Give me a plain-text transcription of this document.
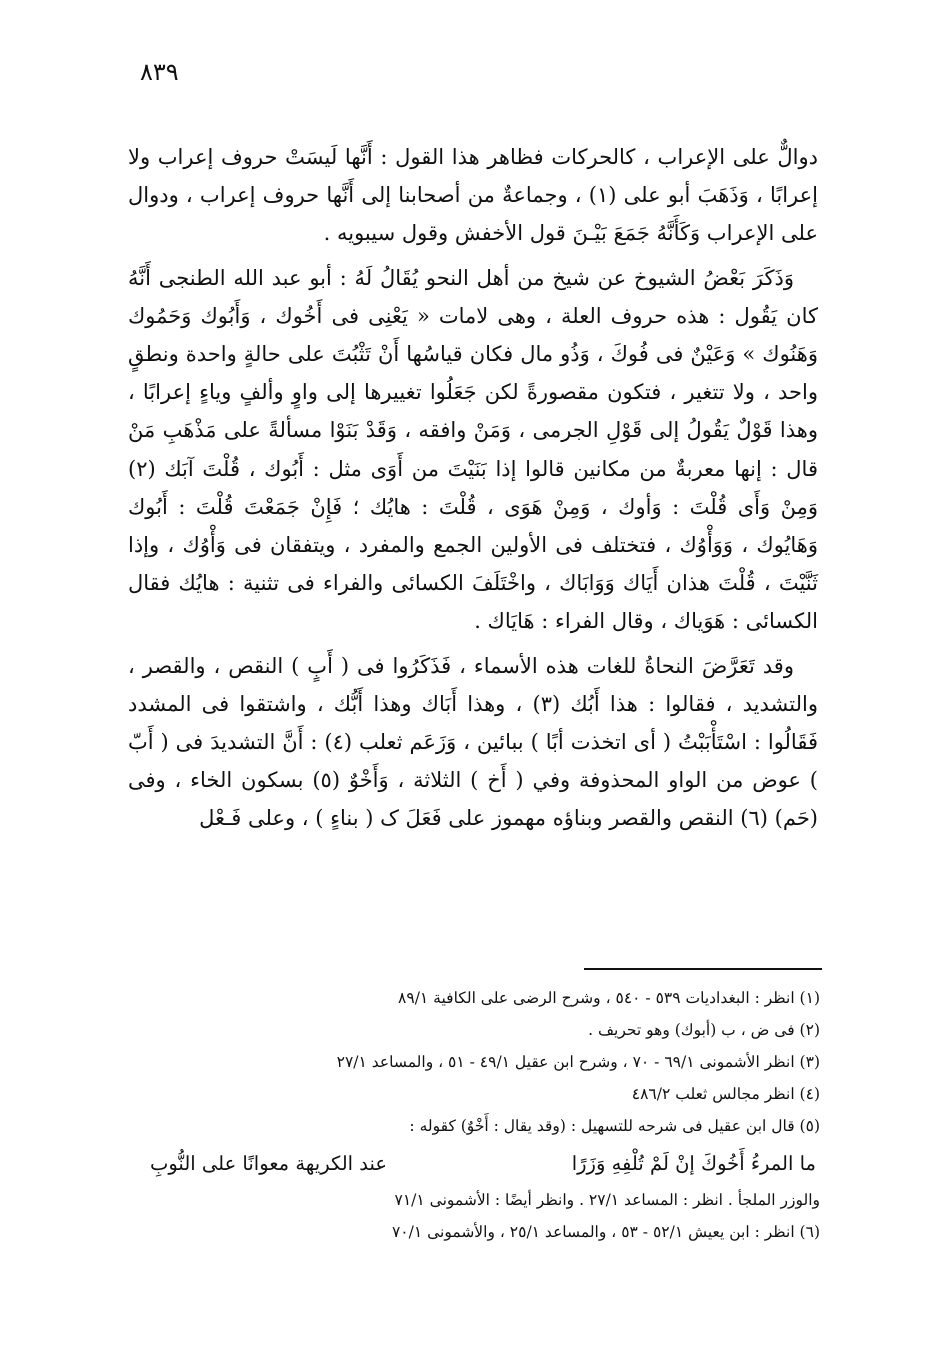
٨٣٩

دوالٌّ على الإعراب ، كالحركات فظاهر هذا القول : أَنَّها لَيسَتْ حروف إعراب ولا إعرابًا ، وَذَهَبَ أبو على (١) ، وجماعةٌ من أصحابنا إلى أَنَّها حروف إعراب ، ودوال على الإعراب وَكَأَنَّهُ جَمَعَ بَيْـنَ قول الأخفش وقول سيبويه .

وَذَكَرَ بَعْضُ الشيوخ عن شيخ من أهل النحو يُقَالُ لَهُ : أبو عبد الله الطنجى أَنَّهُ كان يَقُول : هذه حروف العلة ، وهى لامات « يَعْنِى فى أَخُوك ، وَأَبُوك وَحَمُوك وَهَنُوك » وَعَيْنٌ فى فُوكَ ، وَذُو مال فكان قياسُها أَنْ تَثْبُتَ على حالةٍ واحدة ونطقٍ واحد ، ولا تتغير ، فتكون مقصورةً لكن جَعَلُوا تغييرها إلى واوٍ وألفٍ وياءٍ إعرابًا ، وهذا قَوْلٌ يَقُولُ إلى قَوْلِ الجرمى ، وَمَنْ وافقه ، وَقَدْ بَنَوْا مسألةً على مَذْهَبِ مَنْ قال : إنها معربةٌ من مكانين قالوا إذا بَنَيْتَ من أَوَى مثل : أَبُوك ، قُلْتَ آبَك (٢) وَمِنْ وَأَى قُلْتَ : وَأوك ، وَمِنْ هَوَى ، قُلْتَ : هايُك ؛ فَإِنْ جَمَعْتَ قُلْتَ : أَبُوك وَهَايُوك ، وَوَأْوُك ، فتختلف فى الأولين الجمع والمفرد ، ويتفقان فى وَأْوُك ، وإذا ثَنَّيْتَ ، قُلْتَ هذان أَيَاك وَوَابَاك ، واخْتَلَفَ الكسائى والفراء فى تثنية : هايُك فقال الكسائى : هَوَياك ، وقال الفراء : هَايَاك .

وقد تَعَرَّضَ النحاةُ للغات هذه الأسماء ، فَذَكَرُوا فى ( أَبٍ ) النقص ، والقصر ، والتشديد ، فقالوا : هذا أَبُك (٣) ، وهذا أَبَاك وهذا أَبُّك ، واشتقوا فى المشدد فَقَالُوا : اسْتَأْبَبْتُ ( أى اتخذت أبًا ) ببائين ، وَزَعَم ثعلب (٤) : أَنَّ التشديدَ فى ( أَبّ ) عوض من الواو المحذوفة وفي ( أَخ ) الثلاثة ، وَأَخْوٌ (٥) بسكون الخاء ، وفى (حَم) (٦) النقص والقصر وبناؤه مهموز على فَعَلَ ک ( بناءٍ ) ، وعلى فَـعْل

(١) انظر : البغداديات ٥٣٩ - ٥٤٠ ، وشرح الرضى على الكافية ٨٩/١

(٢) فى ض ، ب (أبوك) وهو تحريف .

(٣) انظر الأشمونى ٦٩/١ - ٧٠ ، وشرح ابن عقيل ٤٩/١ - ٥١ ، والمساعد ٢٧/١

(٤) انظر مجالس ثعلب ٤٨٦/٢

(٥) قال ابن عقيل فى شرحه للتسهيل : (وقد يقال : أَخْوٌ) كقوله :

ما المرءُ أَخُوكَ إنْ لَمْ تُلْفِهِ وَزَرًا
عند الكريهة معوانًا على النُّوبِ

والوزر الملجأ . انظر : المساعد ٢٧/١ . وانظر أيضًا : الأشمونى ٧١/١

(٦) انظر : ابن يعيش ٥٢/١ - ٥٣ ، والمساعد ٢٥/١ ، والأشمونى ٧٠/١
